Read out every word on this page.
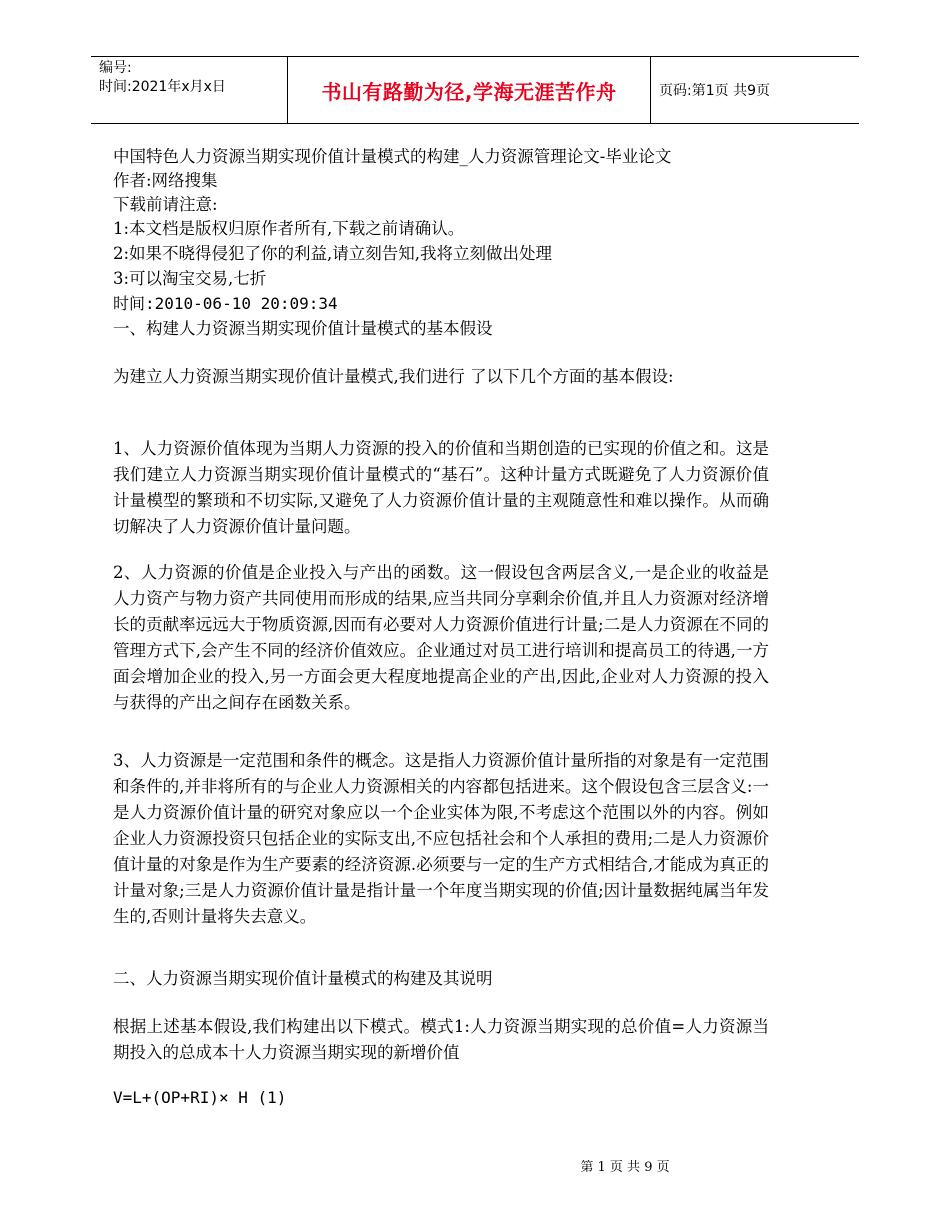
编号:
时间:2021年x月x日	书山有路勤为径,学海无涯苦作舟	页码:第1页 共9页
中国特色人力资源当期实现价值计量模式的构建_人力资源管理论文-毕业论文
作者:网络搜集
下载前请注意:
1:本文档是版权归原作者所有,下载之前请确认。
2:如果不晓得侵犯了你的利益,请立刻告知,我将立刻做出处理
3:可以淘宝交易,七折
时间:2010-06-10 20:09:34
一、构建人力资源当期实现价值计量模式的基本假设
为建立人力资源当期实现价值计量模式,我们进行 了以下几个方面的基本假设:
1、人力资源价值体现为当期人力资源的投入的价值和当期创造的已实现的价值之和。这是我们建立人力资源当期实现价值计量模式的“基石”。这种计量方式既避免了人力资源价值计量模型的繁琐和不切实际,又避免了人力资源价值计量的主观随意性和难以操作。从而确切解决了人力资源价值计量问题。
2、人力资源的价值是企业投入与产出的函数。这一假设包含两层含义,一是企业的收益是人力资产与物力资产共同使用而形成的结果,应当共同分享剩余价值,并且人力资源对经济增长的贡献率远远大于物质资源,因而有必要对人力资源价值进行计量;二是人力资源在不同的管理方式下,会产生不同的经济价值效应。企业通过对员工进行培训和提高员工的待遇,一方面会增加企业的投入,另一方面会更大程度地提高企业的产出,因此,企业对人力资源的投入与获得的产出之间存在函数关系。
3、人力资源是一定范围和条件的概念。这是指人力资源价值计量所指的对象是有一定范围和条件的,并非将所有的与企业人力资源相关的内容都包括进来。这个假设包含三层含义:一是人力资源价值计量的研究对象应以一个企业实体为限,不考虑这个范围以外的内容。例如企业人力资源投资只包括企业的实际支出,不应包括社会和个人承担的费用;二是人力资源价值计量的对象是作为生产要素的经济资源.必须要与一定的生产方式相结合,才能成为真正的计量对象;三是人力资源价值计量是指计量一个年度当期实现的价值;因计量数据纯属当年发生的,否则计量将失去意义。
二、人力资源当期实现价值计量模式的构建及其说明
根据上述基本假设,我们构建出以下模式。模式1:人力资源当期实现的总价值=人力资源当期投入的总成本十人力资源当期实现的新增价值
V=L+(OP+RI)× H (1)
第 1 页 共 9 页
